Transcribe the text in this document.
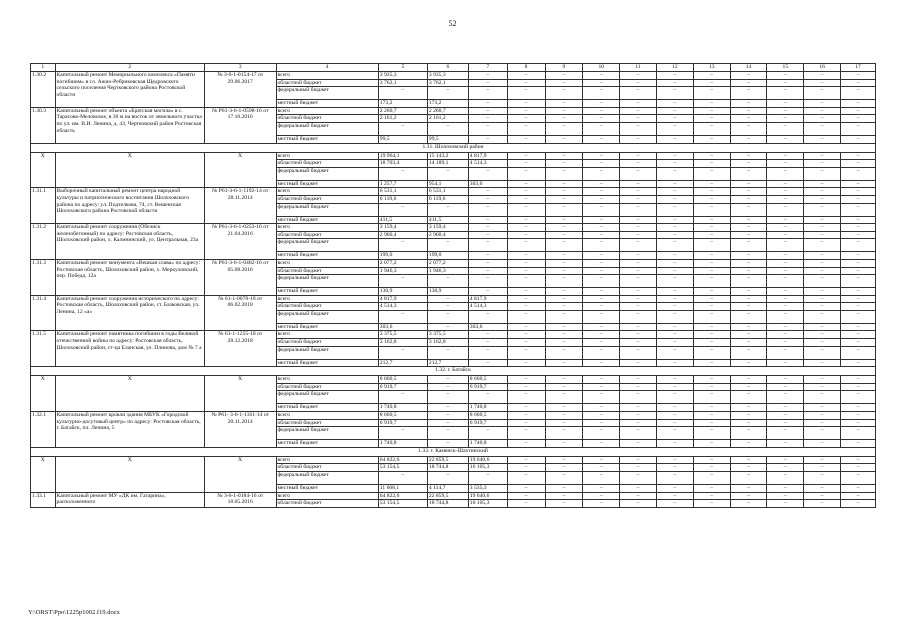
52
1	2	3	4	5	6	7	8	9	10	11	12	13	14	15	16	17
1.30.2	Капитальный ремонт Мемориального комплекса «Памяти погибшим» в сл. Ажио-Ребриковская Щедровского сельского поселения Чертковского района Ростовской области	№ 3-6-1-0154-17 от 29.06.2017	всего	3 935,3	3 935,3	–	–	–	–	–	–	–	–	–	–	–
			областной бюджет	3 762,1	3 762,1	–	–	–	–	–	–	–	–	–	–	–
			федеральный бюджет	–	–	–	–	–	–	–	–	–	–	–	–	–
			местный бюджет	173,2	173,2	–	–	–	–	–	–	–	–	–	–	–
1.30.3	Капитальный ремонт объекта «Братская могила» в с. Тарасово-Меловское, в 30 м на восток от земельного участка по ул. им. В.И. Ленина, д. 43, Чертковский район Ростовская область	№ Р61-3-6-1-0598-16 от 17.10.2016	всего	2 260,7	2 260,7	–	–	–	–	–	–	–	–	–	–	–
			областной бюджет	2 161,2	2 161,2	–	–	–	–	–	–	–	–	–	–	–
			федеральный бюджет	–	–	–	–	–	–	–	–	–	–	–	–	–
			местный бюджет	99,5	99,5	–	–	–	–	–	–	–	–	–	–	–
1.31. Шолоховский район																
Х	Х	Х	всего	19 964,1	15 143,2	4 817,9	–	–	–	–	–	–	–	–	–	–
			областной бюджет	18 703,4	14 189,1	4 514,3	–	–	–	–	–	–	–	–	–	–
			федеральный бюджет	–	–	–	–	–	–	–	–	–	–	–	–	–
			местный бюджет	1 257,7	954,1	303,6	–	–	–	–	–	–	–	–	–	–
1.31.1	Выборочный капитальный ремонт центра народной культуры и патриотического воспитания Шолоховского района по адресу: ул. Подтелкова, 74, ст. Вешенская Шолоховского района Ростовской области	№ Р61-3-6-1-1192-14 от 28.11.2014	всего	6 531,1	6 531,1	–	–	–	–	–	–	–	–	–	–	–
			областной бюджет	6 119,6	6 119,6	–	–	–	–	–	–	–	–	–	–	–
			федеральный бюджет	–	–	–	–	–	–	–	–	–	–	–	–	–
			местный бюджет	411,5	411,5	–	–	–	–	–	–	–	–	–	–	–
1.31.2	Капитальный ремонт сооружения (Обелиск железобетонный) по адресу: Ростовская область, Шолоховский район, х. Калининский, ул. Центральная, 23а	№ Р61-3-6-1-0253-16 от 21.04.2016	всего	3 159,4	3 159,4	–	–	–	–	–	–	–	–	–	–	–
			областной бюджет	2 960,4	2 960,4	–	–	–	–	–	–	–	–	–	–	–
			федеральный бюджет	–	–	–	–	–	–	–	–	–	–	–	–	–
			местный бюджет	199,0	199,0	–	–	–	–	–	–	–	–	–	–	–
1.31.3	Капитальный ремонт монумента «Вешкая слава» по адресу: Ростовская область, Шолоховский район, х. Меркуловский, пер. Победа, 12а	№ Р61-3-6-1-0482-16 от 05.08.2016	всего	2 077,2	2 077,2	–	–	–	–	–	–	–	–	–	–	–
			областной бюджет	1 946,3	1 946,3	–	–	–	–	–	–	–	–	–	–	–
			федеральный бюджет	–	–	–	–	–	–	–	–	–	–	–	–	–
			местный бюджет	130,9	130,9	–	–	–	–	–	–	–	–	–	–	–
1.31.4	Капитальный ремонт сооружения исторического по адресу: Ростовская область, Шолоховский район, ст. Базковская, ул. Ленина, 12 «а»	№ 61-1-0078-18 от 06.02.2018	всего	4 817,9	–	4 817,9	–	–	–	–	–	–	–	–	–	–
			областной бюджет	4 514,3	–	4 514,3	–	–	–	–	–	–	–	–	–	–
			федеральный бюджет	–	–	–	–	–	–	–	–	–	–	–	–	–
			местный бюджет	303,6	–	303,6	–	–	–	–	–	–	–	–	–	–
1.31.5	Капитальный ремонт памятника погибшим в годы Великой отечественной войны по адресу: Ростовская область, Шолоховский район, ст-ца Еланская, ул. Плинова, дом № 7 а	№ 61-1-1255-18 от 28.12.2018	всего	3 375,5	3 375,5	–	–	–	–	–	–	–	–	–	–	–
			областной бюджет	3 162,8	3 162,8	–	–	–	–	–	–	–	–	–	–	–
			федеральный бюджет	–	–	–	–	–	–	–	–	–	–	–	–	–
			местный бюджет	212,7	212,7	–	–	–	–	–	–	–	–	–	–	–
1.32. г. Батайск																
Х	Х	Х	всего	8 660,5	–	8 660,5	–	–	–	–	–	–	–	–	–	–
			областной бюджет	6 919,7	–	6 919,7	–	–	–	–	–	–	–	–	–	–
			федеральный бюджет	–	–	–	–	–	–	–	–	–	–	–	–	–
			местный бюджет	1 740,8	–	1 740,8	–	–	–	–	–	–	–	–	–	–
1.32.1	Капитальный ремонт кровли здания МБУК «Городской культурно-досуговый центр» по адресу: Ростовская область, г. Батайск, пл. Ленина, 5	№ Р61- 3-6-1-1161-14 от 20.11.2014	всего	8 660,5	–	8 660,5	–	–	–	–	–	–	–	–	–	–
			областной бюджет	6 919,7	–	6 919,7	–	–	–	–	–	–	–	–	–	–
			федеральный бюджет	–	–	–	–	–	–	–	–	–	–	–	–	–
			местный бюджет	1 740,8	–	1 740,8	–	–	–	–	–	–	–	–	–	–
1.33. г. Каменск-Шахтинский																
Х	Х	Х	всего	64 822,6	22 859,5	19 640,6	–	–	–	–	–	–	–	–	–	–
			областной бюджет	53 154,5	18 744,8	16 105,3	–	–	–	–	–	–	–	–	–	–
			федеральный бюджет	–	–	–	–	–	–	–	–	–	–	–	–	–
			местный бюджет	11 668,1	4 114,7	3 535,3	–	–	–	–	–	–	–	–	–	–
1.33.1	Капитальный ремонт МУ «ДК им. Гагарина», расположенного	№ 3-6-1-0184-16 от 18.05.2016	всего	64 822,6	22 859,5	19 640,6	–	–	–	–	–	–	–	–	–	–
			областной бюджет	53 154,5	18 744,8	16 105,3	–	–	–	–	–	–	–	–	–	–
Y:\ORST\Ppo\1225p1002.f19.docx
